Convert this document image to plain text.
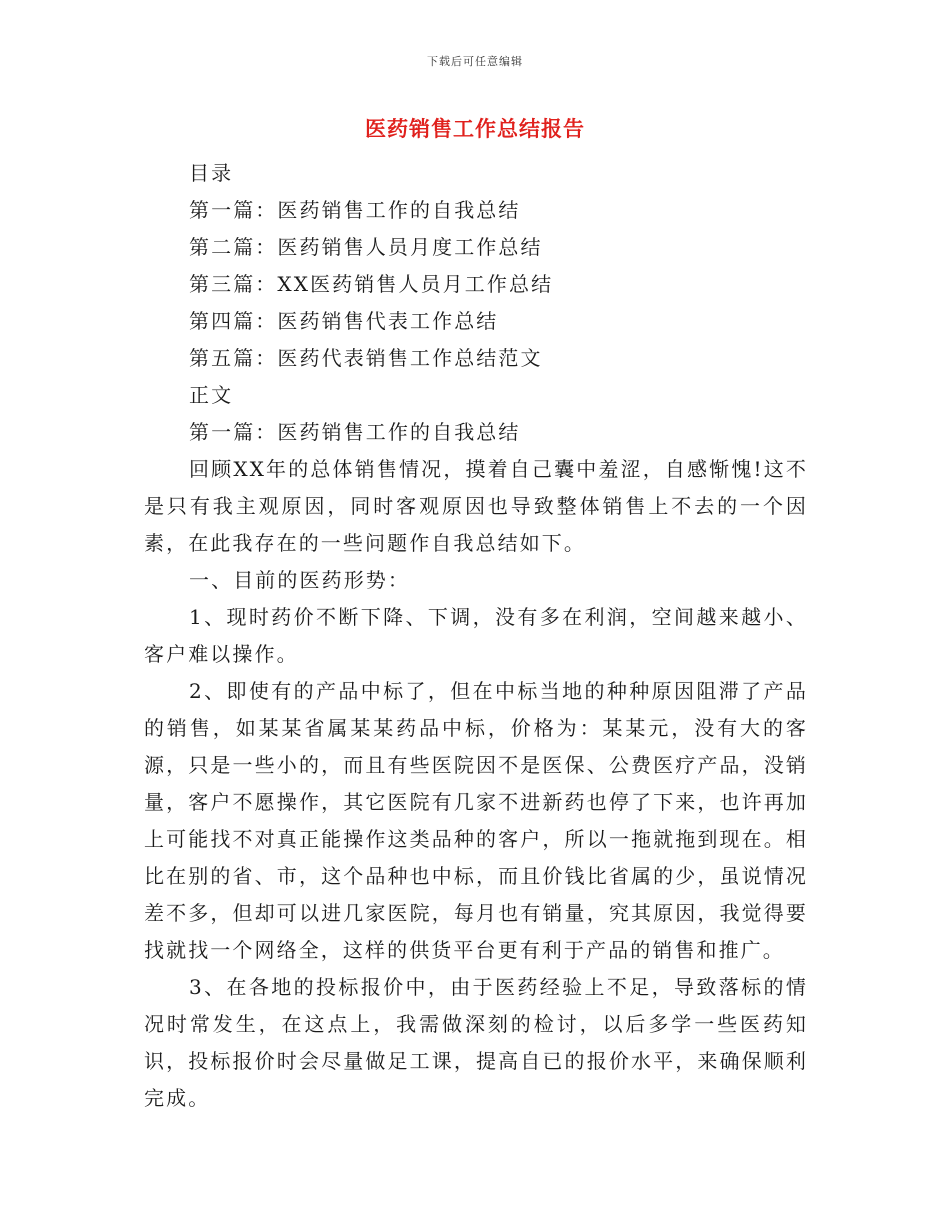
下载后可任意编辑
医药销售工作总结报告
目录
第一篇：医药销售工作的自我总结
第二篇：医药销售人员月度工作总结
第三篇：XX医药销售人员月工作总结
第四篇：医药销售代表工作总结
第五篇：医药代表销售工作总结范文
正文
第一篇：医药销售工作的自我总结
回顾XX年的总体销售情况，摸着自己囊中羞涩，自感惭愧!这不是只有我主观原因，同时客观原因也导致整体销售上不去的一个因素，在此我存在的一些问题作自我总结如下。
一、目前的医药形势：
1、现时药价不断下降、下调，没有多在利润，空间越来越小、客户难以操作。
2、即使有的产品中标了，但在中标当地的种种原因阻滞了产品的销售，如某某省属某某药品中标，价格为：某某元，没有大的客源，只是一些小的，而且有些医院因不是医保、公费医疗产品，没销量，客户不愿操作，其它医院有几家不进新药也停了下来，也许再加上可能找不对真正能操作这类品种的客户，所以一拖就拖到现在。相比在别的省、市，这个品种也中标，而且价钱比省属的少，虽说情况差不多，但却可以进几家医院，每月也有销量，究其原因，我觉得要找就找一个网络全，这样的供货平台更有利于产品的销售和推广。
3、在各地的投标报价中，由于医药经验上不足，导致落标的情况时常发生，在这点上，我需做深刻的检讨，以后多学一些医药知识，投标报价时会尽量做足工课，提高自已的报价水平，来确保顺利完成。
